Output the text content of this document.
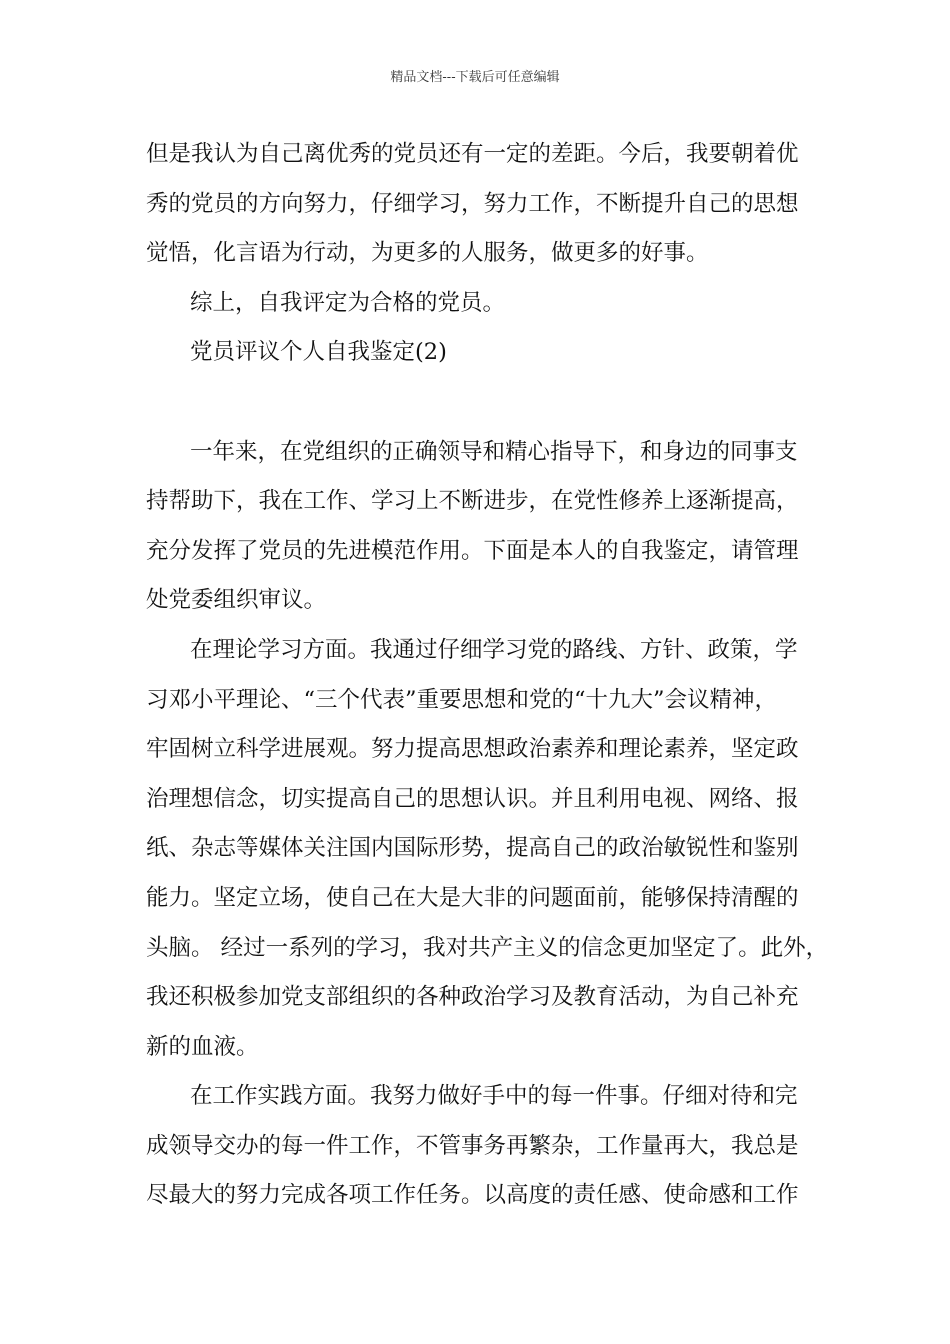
精品文档---下载后可任意编辑
但是我认为自己离优秀的党员还有一定的差距。今后，我要朝着优
秀的党员的方向努力，仔细学习，努力工作，不断提升自己的思想
觉悟，化言语为行动，为更多的人服务，做更多的好事。
综上，自我评定为合格的党员。
党员评议个人自我鉴定(2)
一年来，在党组织的正确领导和精心指导下，和身边的同事支
持帮助下，我在工作、学习上不断进步，在党性修养上逐渐提高，
充分发挥了党员的先进模范作用。下面是本人的自我鉴定，请管理
处党委组织审议。
在理论学习方面。我通过仔细学习党的路线、方针、政策，学
习邓小平理论、“三个代表”重要思想和党的“十九大”会议精神，
牢固树立科学进展观。努力提高思想政治素养和理论素养，坚定政
治理想信念，切实提高自己的思想认识。并且利用电视、网络、报
纸、杂志等媒体关注国内国际形势，提高自己的政治敏锐性和鉴别
能力。坚定立场，使自己在大是大非的问题面前，能够保持清醒的
头脑。 经过一系列的学习，我对共产主义的信念更加坚定了。此外，
我还积极参加党支部组织的各种政治学习及教育活动，为自己补充
新的血液。
在工作实践方面。我努力做好手中的每一件事。仔细对待和完
成领导交办的每一件工作，不管事务再繁杂，工作量再大，我总是
尽最大的努力完成各项工作任务。以高度的责任感、使命感和工作
